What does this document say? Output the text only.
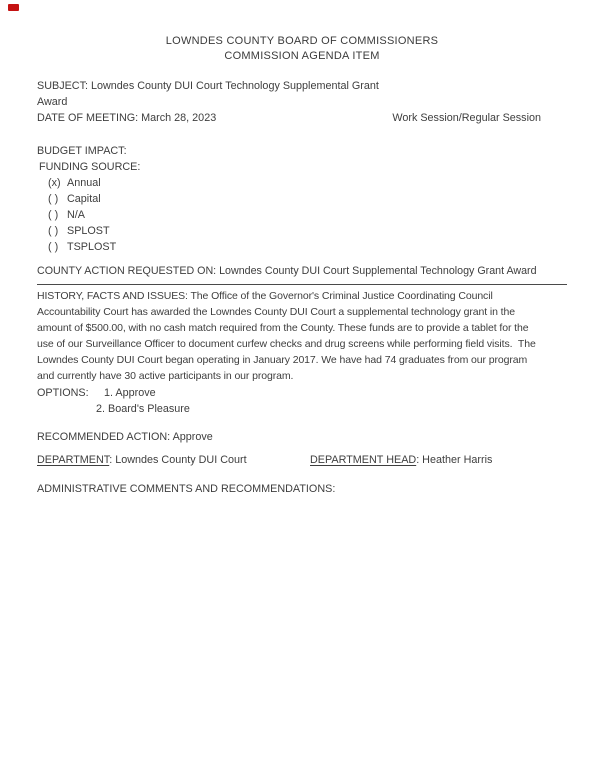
LOWNDES COUNTY BOARD OF COMMISSIONERS
COMMISSION AGENDA ITEM
SUBJECT: Lowndes County DUI Court Technology Supplemental Grant
Award
DATE OF MEETING: March 28, 2023	Work Session/Regular Session
BUDGET IMPACT:
FUNDING SOURCE:
(x) Annual
( ) Capital
( ) N/A
( ) SPLOST
( ) TSPLOST
COUNTY ACTION REQUESTED ON: Lowndes County DUI Court Supplemental Technology Grant Award
HISTORY, FACTS AND ISSUES: The Office of the Governor's Criminal Justice Coordinating Council
Accountability Court has awarded the Lowndes County DUI Court a supplemental technology grant in the
amount of $500.00, with no cash match required from the County. These funds are to provide a tablet for the
use of our Surveillance Officer to document curfew checks and drug screens while performing field visits.  The
Lowndes County DUI Court began operating in January 2017. We have had 74 graduates from our program
and currently have 30 active participants in our program.
OPTIONS: 1. Approve
2. Board's Pleasure
RECOMMENDED ACTION: Approve
DEPARTMENT: Lowndes County DUI Court	DEPARTMENT HEAD: Heather Harris
ADMINISTRATIVE COMMENTS AND RECOMMENDATIONS:
